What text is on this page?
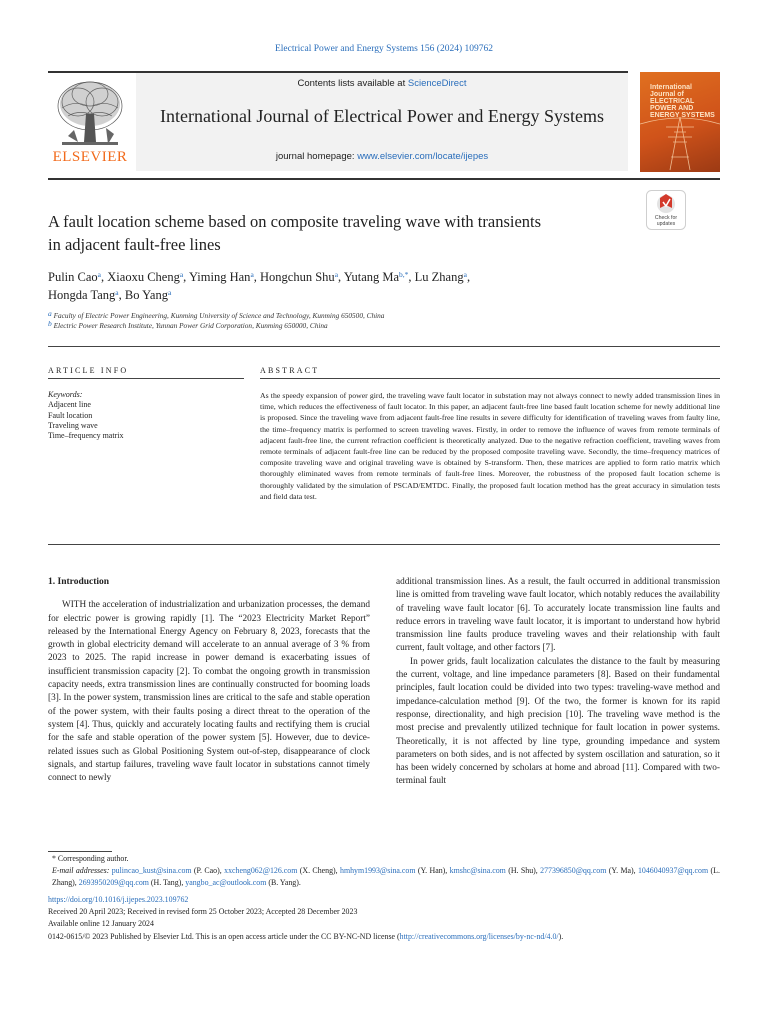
Electrical Power and Energy Systems 156 (2024) 109762
ELSEVIER
Contents lists available at ScienceDirect
International Journal of Electrical Power and Energy Systems
journal homepage: www.elsevier.com/locate/ijepes
International Journal of ELECTRICAL POWER AND ENERGY SYSTEMS
A fault location scheme based on composite traveling wave with transients
in adjacent fault-free lines
Check for
updates
Pulin Cao$^a$, Xiaoxu Cheng$^a$, Yiming Han$^a$, Hongchun Shu$^a$, Yutang $Ma^{b,*}$, Lu Zhang$^a$,
Hongda Tang$^a$, Bo Yang$^a$
$^a$ Faculty of Electric Power Engineering, Kunming University of Science and Technology, Kunming 650500, China
$^b$ Electric Power Research Institute, Yunnan Power Grid Corporation, Kunming 650000, China
ARTICLE INFO
Keywords:
Adjacent line
Fault location
Traveling wave
Time–frequency matrix
ABSTRACT
As the speedy expansion of power gird, the traveling wave fault locator in substation may not always connect to newly added transmission lines in time, which reduces the effectiveness of fault locator. In this paper, an adjacent fault-free line based fault location scheme for newly additional line is proposed. Since the traveling wave from adjacent fault-free line results in severe difficulty for identification of traveling waves from faulty line, the time–frequency matrix is performed to screen traveling waves. Firstly, in order to remove the influence of waves from remote terminals of adjacent fault-free line, the current refraction coefficient is theoretically analyzed. Due to the negative refraction coefficient, traveling waves from remote terminals of adjacent fault-free line can be reduced by the proposed composite traveling wave. Secondly, the time–frequency matrices of composite traveling wave and original traveling wave is obtained by S-transform. Then, these matrices are applied to form ratio matrix which thoroughly eliminated waves from remote terminals of fault-free lines. Moreover, the robustness of the proposed fault location scheme is thoroughly validated by the simulation of PSCAD/EMTDC. Finally, the proposed fault location method has the great accuracy in simulation tests and field data test.
1. Introduction

WITH the acceleration of industrialization and urbanization processes, the demand for electric power is growing rapidly [1]. The “2023 Electricity Market Report” released by the International Energy Agency on February 8, 2023, forecasts that the growth in global electricity demand will accelerate to an annual average of 3 % from 2023 to 2025. The rapid increase in power demand is exacerbating issues of insufficient transmission capacity [2]. To combat the ongoing growth in transmission capacity needs, extra transmission lines are continually constructed for booming loads [3]. In the power system, transmission lines are critical to the safe and stable operation of the power system, with their faults posing a direct threat to the operation of the system [4]. Thus, quickly and accurately locating faults and rectifying them is crucial for the safe and stable operation of the power system [5]. However, due to device-related issues such as Global Positioning System out-of-step, disappearance of clock signals, and startup failures, traveling wave fault locator in substations cannot timely connect to newly

additional transmission lines. As a result, the fault occurred in additional transmission line is omitted from traveling wave fault locator, which notably reduces the availability of traveling wave fault locator [6]. To accurately locate transmission line faults and reduce errors in traveling wave fault locator, it is important to understand how hybrid transmission line faults produce traveling waves and their relationship with fault current, fault voltage, and other factors [7].

In power grids, fault localization calculates the distance to the fault by measuring the current, voltage, and line impedance parameters [8]. Based on their fundamental principles, fault location could be divided into two types: traveling-wave method and impedance-calculation method [9]. Of the two, the former is known for its rapid response, directionality, and high precision [10]. The traveling wave method is the most precise and prevalently utilized technique for fault location in power systems. Theoretically, it is not affected by line type, grounding impedance and system parameters on both sides, and is not affected by system oscillation and saturation, so it has been widely concerned by scholars at home and abroad [11]. Compared with two-terminal fault

* Corresponding author.
E-mail addresses: pulincao_kust@sina.com (P. Cao), xxcheng062@126.com (X. Cheng), hmhym1993@sina.com (Y. Han), kmshc@sina.com (H. Shu), 277396850@qq.com (Y. Ma), 1046040937@qq.com (L. Zhang), 2693950209@qq.com (H. Tang), yangbo_ac@outlook.com (B. Yang).
https://doi.org/10.1016/j.ijepes.2023.109762
Received 20 April 2023; Received in revised form 25 October 2023; Accepted 28 December 2023
Available online 12 January 2024
0142-0615/© 2023 Published by Elsevier Ltd. This is an open access article under the CC BY-NC-ND license (http://creativecommons.org/licenses/by-nc-nd/4.0/).
